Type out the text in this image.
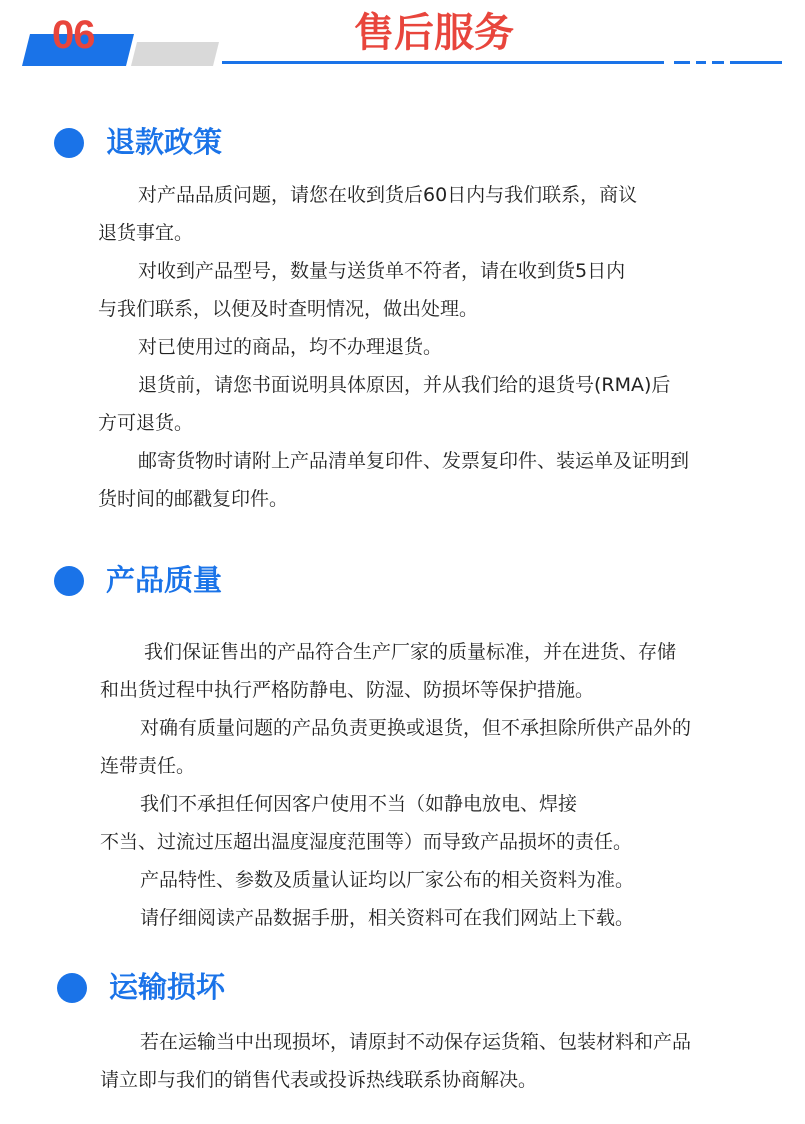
06	售后服务
退款政策
对产品品质问题，请您在收到货后60日内与我们联系，商议
退货事宜。
对收到产品型号，数量与送货单不符者，请在收到货5日内
与我们联系，以便及时查明情况，做出处理。
对已使用过的商品，均不办理退货。
退货前，请您书面说明具体原因，并从我们给的退货号(RMA)后
方可退货。
邮寄货物时请附上产品清单复印件、发票复印件、装运单及证明到
货时间的邮戳复印件。
产品质量
我们保证售出的产品符合生产厂家的质量标准，并在进货、存储
和出货过程中执行严格防静电、防湿、防损坏等保护措施。
对确有质量问题的产品负责更换或退货，但不承担除所供产品外的
连带责任。
我们不承担任何因客户使用不当（如静电放电、焊接
不当、过流过压超出温度湿度范围等）而导致产品损坏的责任。
产品特性、参数及质量认证均以厂家公布的相关资料为准。
请仔细阅读产品数据手册，相关资料可在我们网站上下载。
运输损坏
若在运输当中出现损坏，请原封不动保存运货箱、包装材料和产品
请立即与我们的销售代表或投诉热线联系协商解决。
